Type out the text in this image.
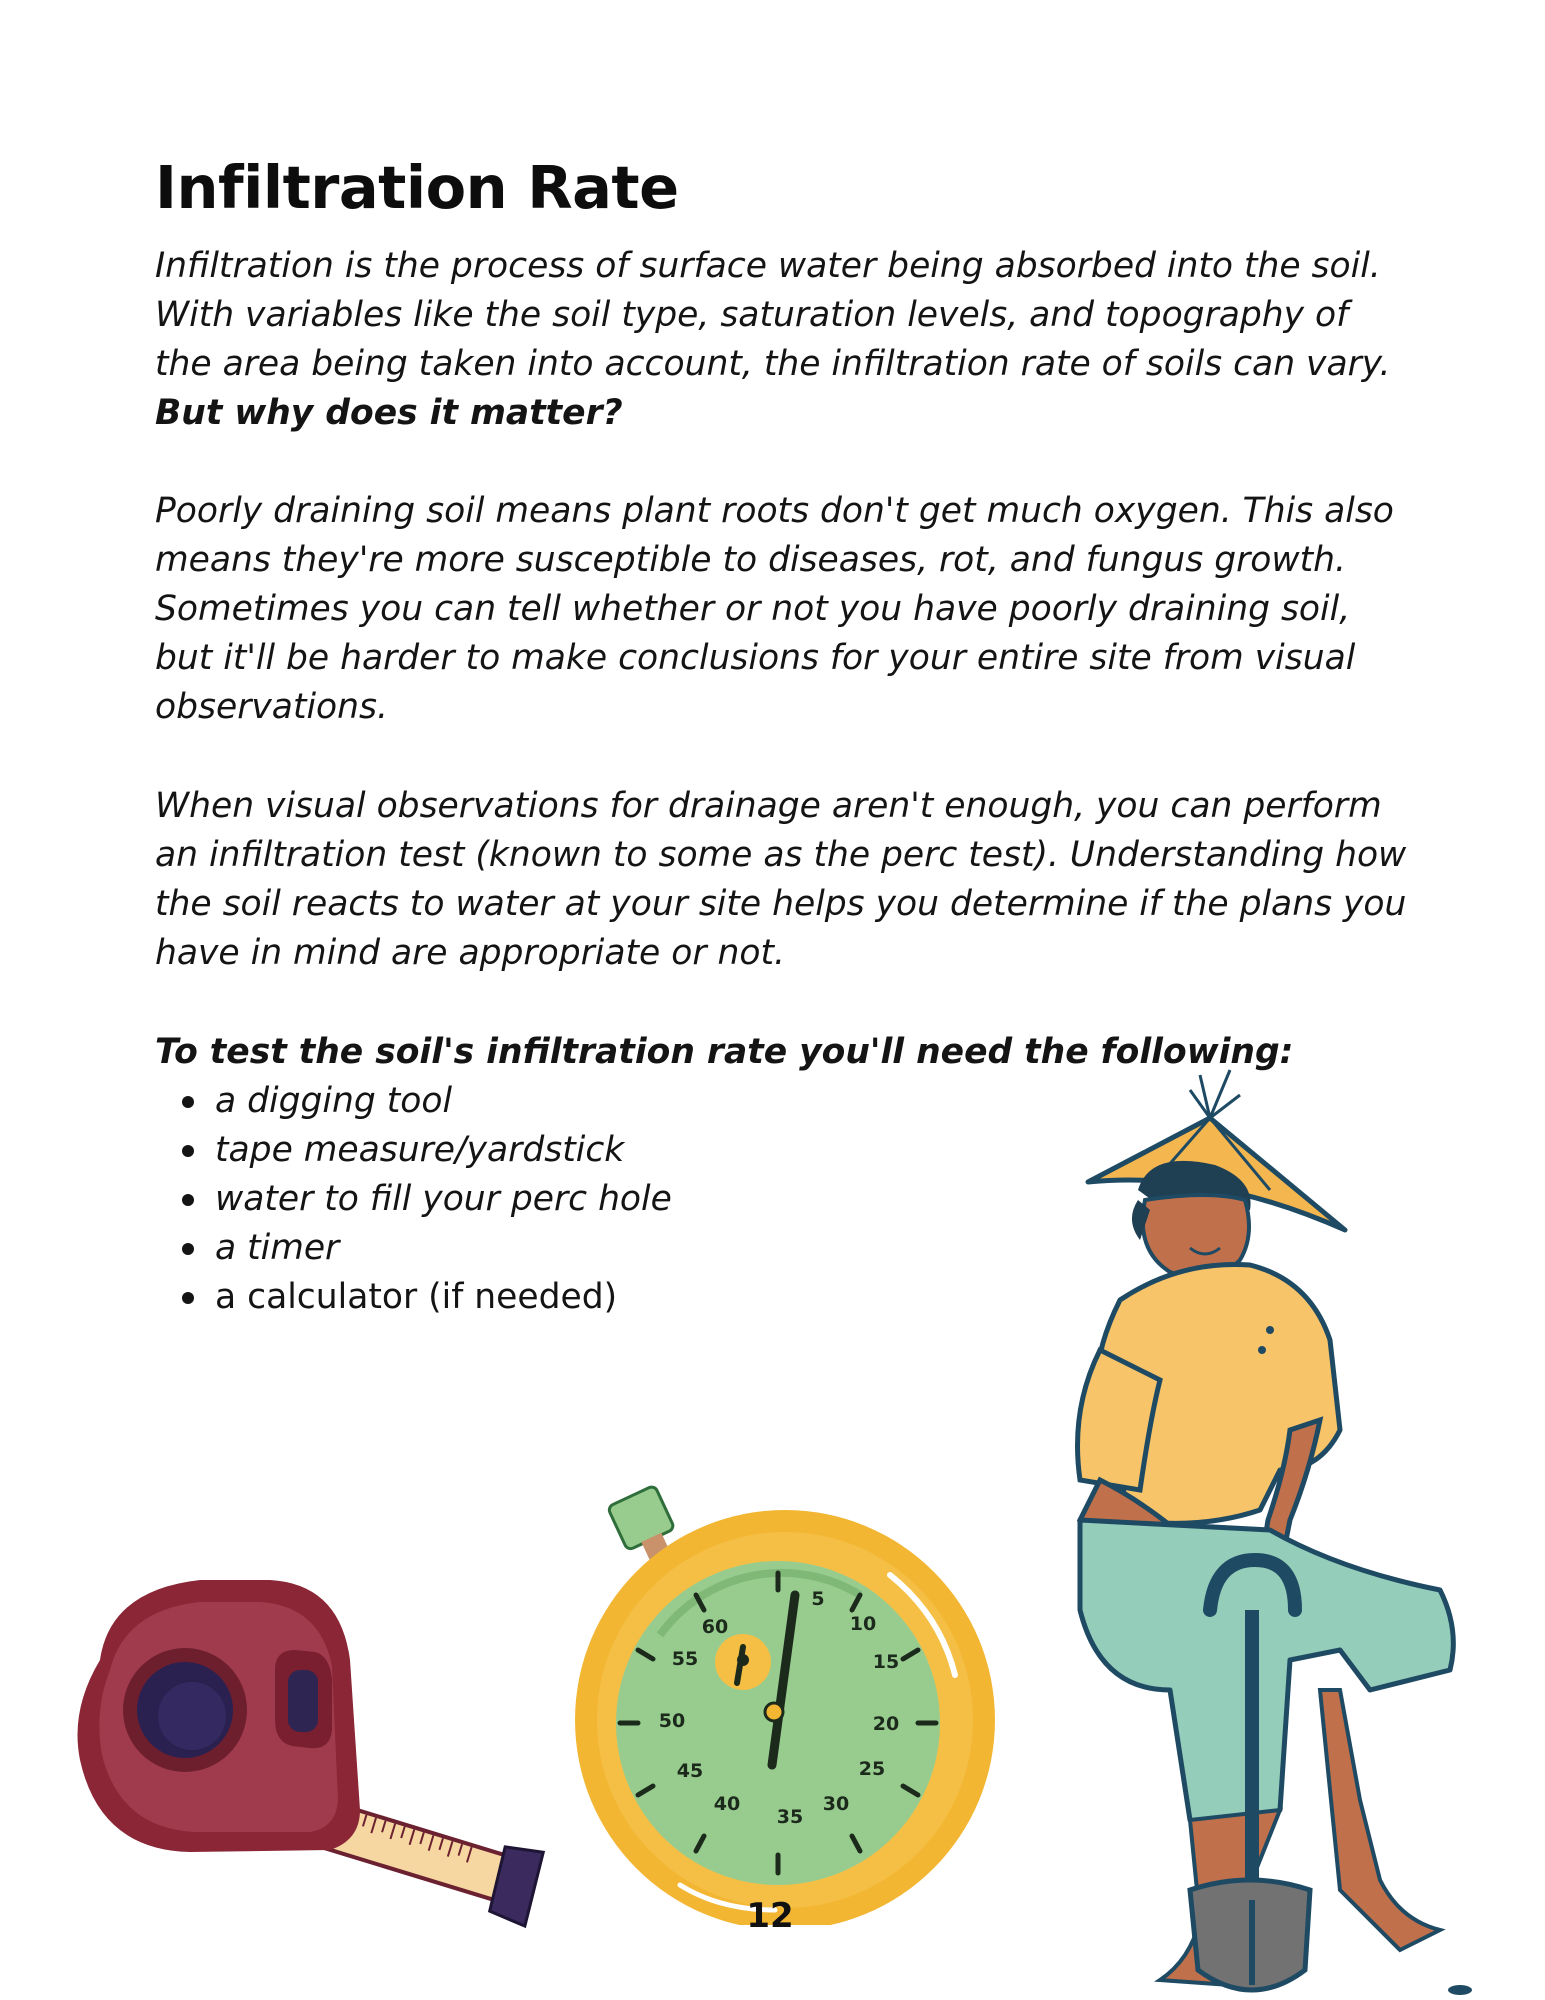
Infiltration Rate
Infiltration is the process of surface water being absorbed into the soil.
With variables like the soil type, saturation levels, and topography of
the area being taken into account, the infiltration rate of soils can vary.
But why does it matter?
Poorly draining soil means plant roots don't get much oxygen. This also
means they're more susceptible to diseases, rot, and fungus growth.
Sometimes you can tell whether or not you have poorly draining soil,
but it'll be harder to make conclusions for your entire site from visual
observations.
When visual observations for drainage aren't enough, you can perform
an infiltration test (known to some as the perc test). Understanding how
the soil reacts to water at your site helps you determine if the plans you
have in mind are appropriate or not.
To test the soil's infiltration rate you'll need the following:
a digging tool
tape measure/yardstick
water to fill your perc hole
a timer
a calculator (if needed)
5
10
15
20
25
30
35
40
45
50
55
60
12
